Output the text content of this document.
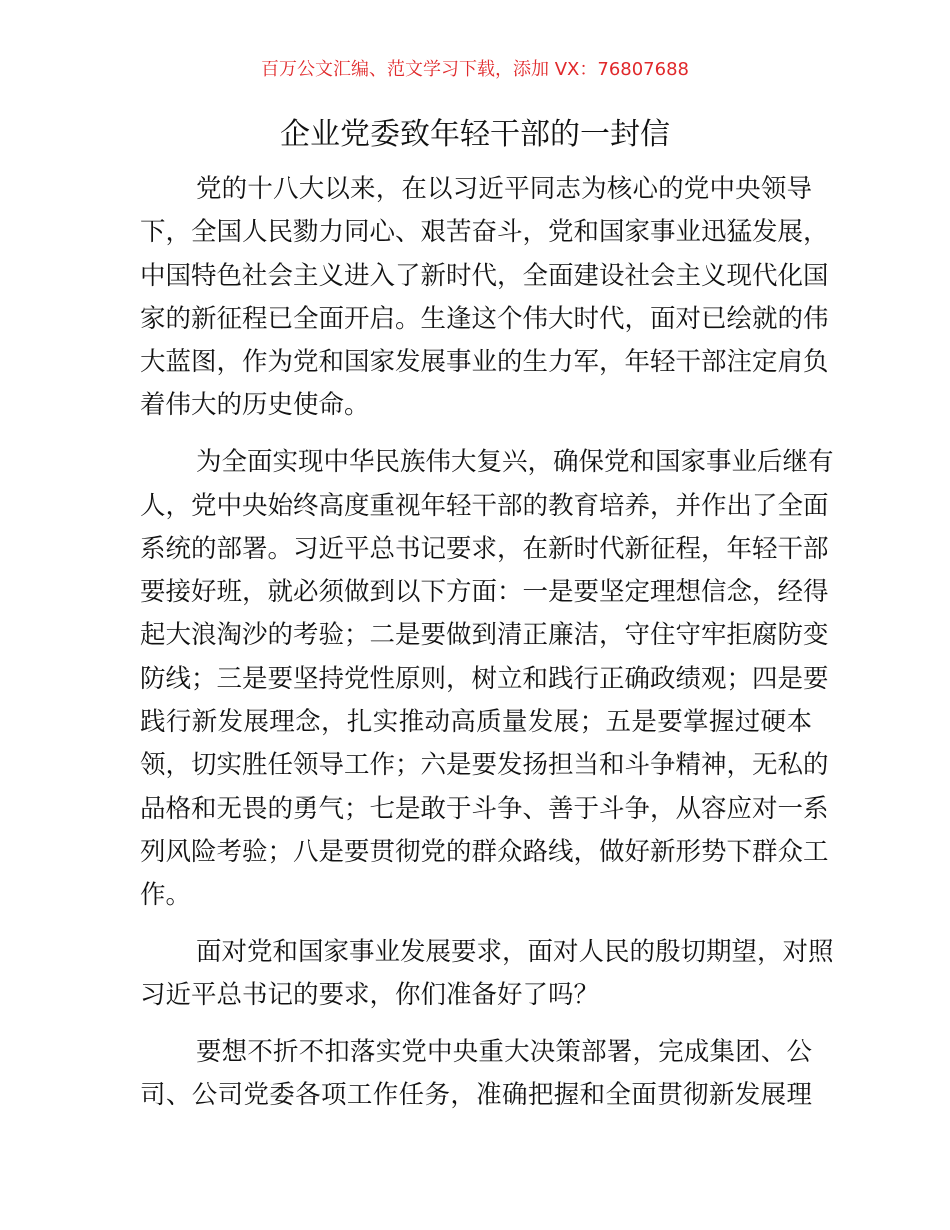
百万公文汇编、范文学习下载，添加 VX：76807688
企业党委致年轻干部的一封信
党的十八大以来，在以习近平同志为核心的党中央领导
下，全国人民勠力同心、艰苦奋斗，党和国家事业迅猛发展，
中国特色社会主义进入了新时代，全面建设社会主义现代化国
家的新征程已全面开启。生逢这个伟大时代，面对已绘就的伟
大蓝图，作为党和国家发展事业的生力军，年轻干部注定肩负
着伟大的历史使命。
为全面实现中华民族伟大复兴，确保党和国家事业后继有
人，党中央始终高度重视年轻干部的教育培养，并作出了全面
系统的部署。习近平总书记要求，在新时代新征程，年轻干部
要接好班，就必须做到以下方面：一是要坚定理想信念，经得
起大浪淘沙的考验；二是要做到清正廉洁，守住守牢拒腐防变
防线；三是要坚持党性原则，树立和践行正确政绩观；四是要
践行新发展理念，扎实推动高质量发展；五是要掌握过硬本
领，切实胜任领导工作；六是要发扬担当和斗争精神，无私的
品格和无畏的勇气；七是敢于斗争、善于斗争，从容应对一系
列风险考验；八是要贯彻党的群众路线，做好新形势下群众工
作。
面对党和国家事业发展要求，面对人民的殷切期望，对照
习近平总书记的要求，你们准备好了吗？
要想不折不扣落实党中央重大决策部署，完成集团、公
司、公司党委各项工作任务，准确把握和全面贯彻新发展理
